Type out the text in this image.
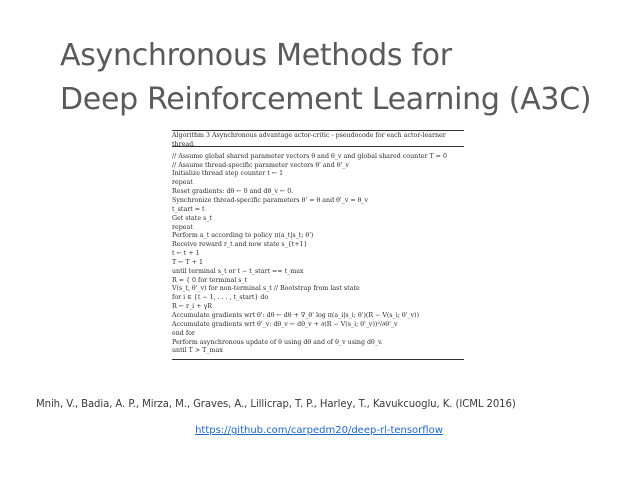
Asynchronous Methods for
Deep Reinforcement Learning (A3C)
Algorithm 3 Asynchronous advantage actor-critic - pseudocode for each actor-learner
thread.
// Assume global shared parameter vectors θ and θ_v and global shared counter T = 0
// Assume thread-specific parameter vectors θ' and θ'_v
Initialize thread step counter t ← 1
repeat
Reset gradients: dθ ← 0 and dθ_v ← 0.
Synchronize thread-specific parameters θ' = θ and θ'_v = θ_v
t_start = t
Get state s_t
repeat
Perform a_t according to policy π(a_t|s_t; θ')
Receive reward r_t and new state s_{t+1}
t ← t + 1
T ← T + 1
until terminal s_t or t − t_start == t_max
R = { 0 for terminal s_t
V(s_t, θ'_v) for non-terminal s_t // Bootstrap from last state
for i ∈ {t − 1, . . . , t_start} do
R ← r_i + γR
Accumulate gradients wrt θ': dθ ← dθ + ∇_θ' log π(a_i|s_i; θ')(R − V(s_i; θ'_v))
Accumulate gradients wrt θ'_v: dθ_v ← dθ_v + ∂(R − V(s_i; θ'_v))²/∂θ'_v
end for
Perform asynchronous update of θ using dθ and of θ_v using dθ_v.
until T > T_max

Mnih, V., Badia, A. P., Mirza, M., Graves, A., Lillicrap, T. P., Harley, T., Kavukcuoglu, K. (ICML 2016)

https://github.com/carpedm20/deep-rl-tensorflow
